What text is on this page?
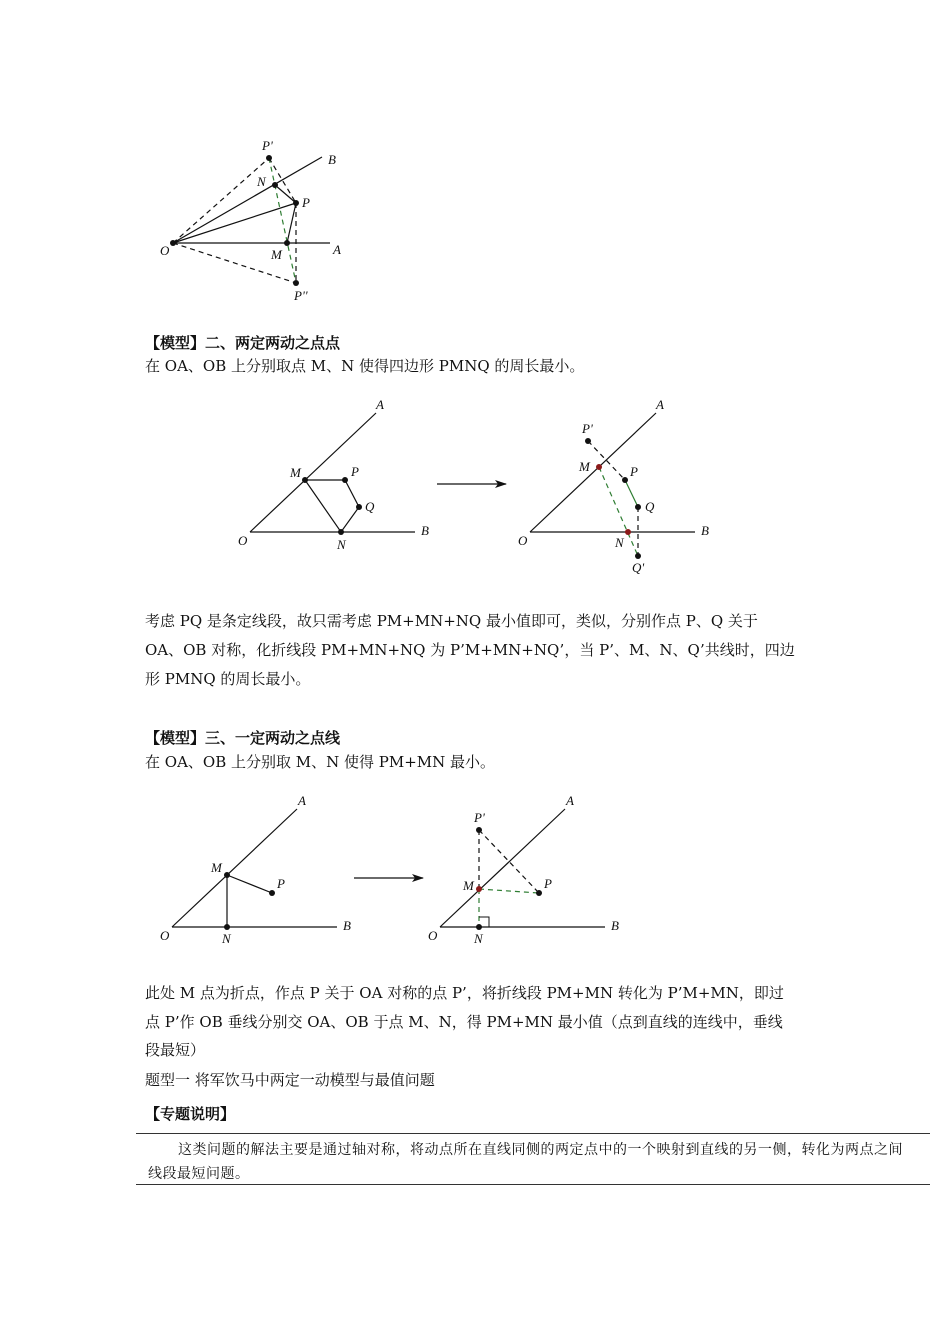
P'
B
N
P
O	M	A
P''
A
M	P
Q
O	N
B
A
P'
M	P
Q
O	N
B
Q'
A
M
P
O	N
B
A
P'
M	P
O	N
B
【模型】二、两定两动之点点
在 OA、OB 上分别取点 M、N 使得四边形 PMNQ 的周长最小。
考虑 PQ 是条定线段，故只需考虑 PM+MN+NQ 最小值即可，类似，分别作点 P、Q 关于
OA、OB 对称，化折线段 PM+MN+NQ 为 P’M+MN+NQ’，当 P’、M、N、Q’共线时，四边
形 PMNQ 的周长最小。
【模型】三、一定两动之点线
在 OA、OB 上分别取 M、N 使得 PM+MN 最小。
此处 M 点为折点，作点 P 关于 OA 对称的点 P’，将折线段 PM+MN 转化为 P’M+MN，即过
点 P’作 OB 垂线分别交 OA、OB 于点 M、N，得 PM+MN 最小值（点到直线的连线中，垂线
段最短）
题型一 将军饮马中两定一动模型与最值问题
【专题说明】

这类问题的解法主要是通过轴对称，将动点所在直线同侧的两定点中的一个映射到直线的另一侧，转化为两点之间线段最短问题。
